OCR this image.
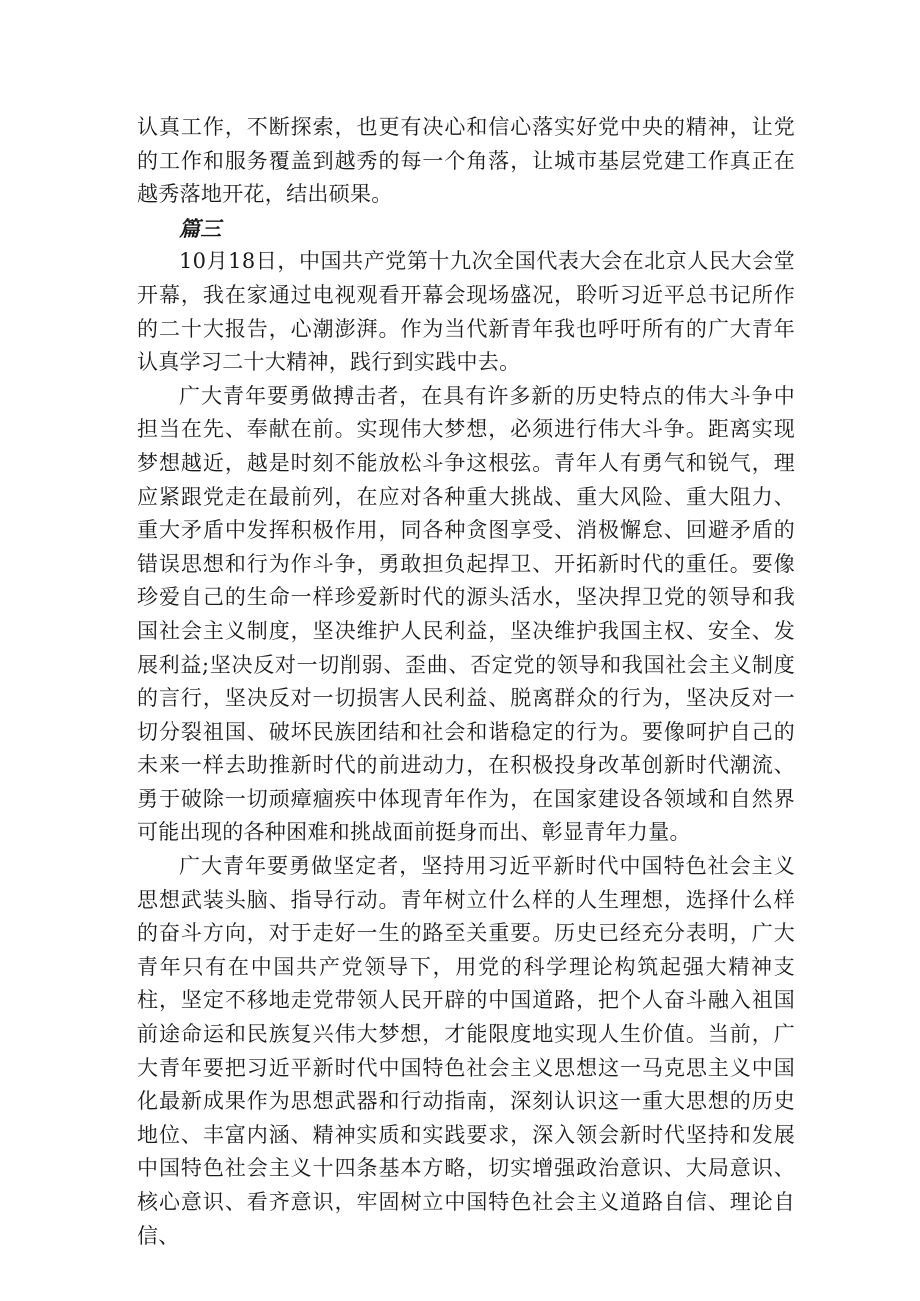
认真工作，不断探索，也更有决心和信心落实好党中央的精神，让党的工作和服务覆盖到越秀的每一个角落，让城市基层党建工作真正在越秀落地开花，结出硕果。

篇三

10月18日，中国共产党第十九次全国代表大会在北京人民大会堂开幕，我在家通过电视观看开幕会现场盛况，聆听习近平总书记所作的二十大报告，心潮澎湃。作为当代新青年我也呼吁所有的广大青年认真学习二十大精神，践行到实践中去。

广大青年要勇做搏击者，在具有许多新的历史特点的伟大斗争中担当在先、奉献在前。实现伟大梦想，必须进行伟大斗争。距离实现梦想越近，越是时刻不能放松斗争这根弦。青年人有勇气和锐气，理应紧跟党走在最前列，在应对各种重大挑战、重大风险、重大阻力、重大矛盾中发挥积极作用，同各种贪图享受、消极懈怠、回避矛盾的错误思想和行为作斗争，勇敢担负起捍卫、开拓新时代的重任。要像珍爱自己的生命一样珍爱新时代的源头活水，坚决捍卫党的领导和我国社会主义制度，坚决维护人民利益，坚决维护我国主权、安全、发展利益;坚决反对一切削弱、歪曲、否定党的领导和我国社会主义制度的言行，坚决反对一切损害人民利益、脱离群众的行为，坚决反对一切分裂祖国、破坏民族团结和社会和谐稳定的行为。要像呵护自己的未来一样去助推新时代的前进动力，在积极投身改革创新时代潮流、勇于破除一切顽瘴痼疾中体现青年作为，在国家建设各领域和自然界可能出现的各种困难和挑战面前挺身而出、彰显青年力量。

广大青年要勇做坚定者，坚持用习近平新时代中国特色社会主义思想武装头脑、指导行动。青年树立什么样的人生理想，选择什么样的奋斗方向，对于走好一生的路至关重要。历史已经充分表明，广大青年只有在中国共产党领导下，用党的科学理论构筑起强大精神支柱，坚定不移地走党带领人民开辟的中国道路，把个人奋斗融入祖国前途命运和民族复兴伟大梦想，才能限度地实现人生价值。当前，广大青年要把习近平新时代中国特色社会主义思想这一马克思主义中国化最新成果作为思想武器和行动指南，深刻认识这一重大思想的历史地位、丰富内涵、精神实质和实践要求，深入领会新时代坚持和发展中国特色社会主义十四条基本方略，切实增强政治意识、大局意识、核心意识、看齐意识，牢固树立中国特色社会主义道路自信、理论自信、
